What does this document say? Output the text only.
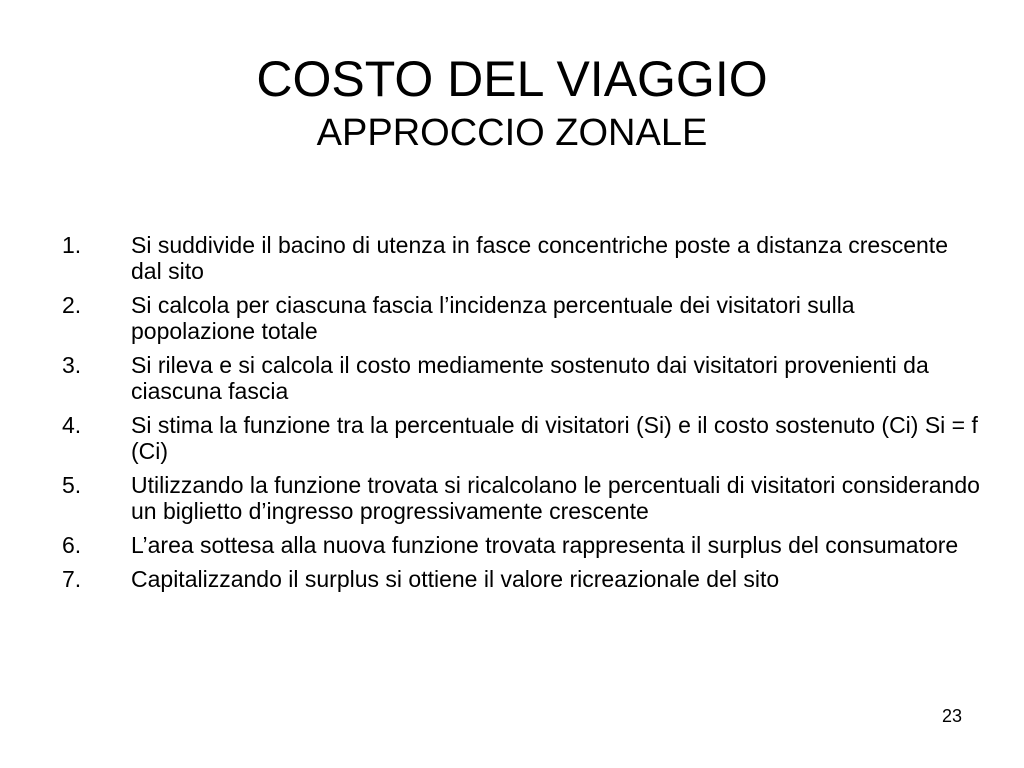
COSTO DEL VIAGGIO
APPROCCIO ZONALE
1.	Si suddivide il bacino di utenza in fasce concentriche poste a distanza crescente dal sito
2.	Si calcola per ciascuna fascia l’incidenza percentuale dei visitatori sulla popolazione totale
3.	Si rileva e si calcola il costo mediamente sostenuto dai visitatori provenienti da ciascuna fascia
4.	Si stima la funzione tra la percentuale di visitatori (Si) e il costo sostenuto (Ci) Si = f (Ci)
5.	Utilizzando la funzione trovata si ricalcolano le percentuali di visitatori considerando un biglietto d’ingresso progressivamente crescente
6.	L’area sottesa alla nuova funzione trovata rappresenta il surplus del consumatore
7.	Capitalizzando il surplus si ottiene il valore ricreazionale del sito
23
